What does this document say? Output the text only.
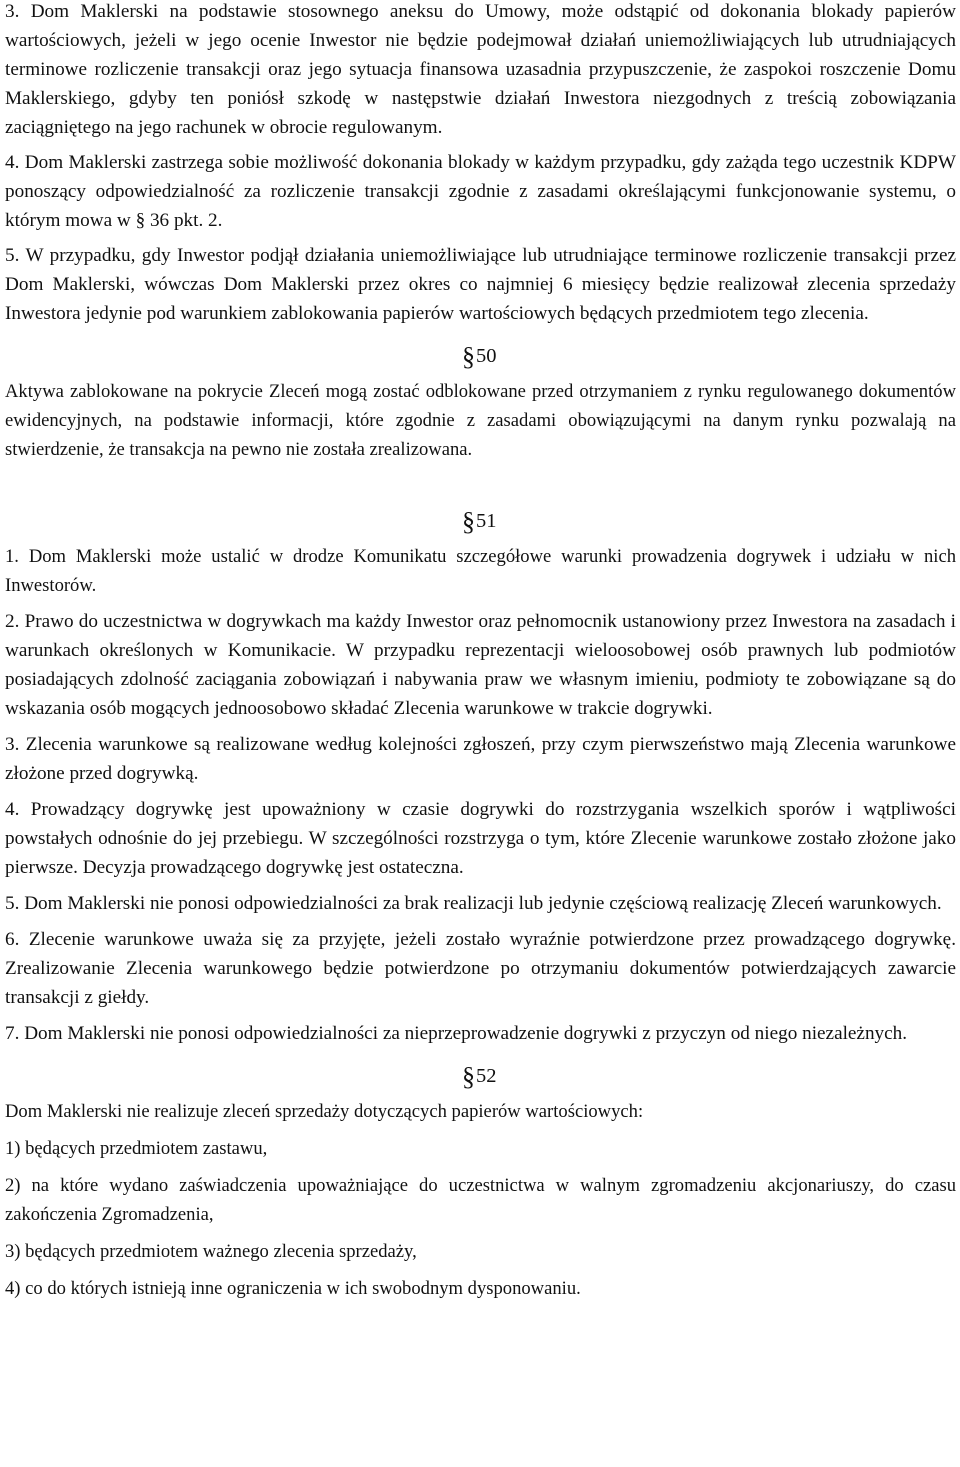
3. Dom Maklerski na podstawie stosownego aneksu do Umowy, może odstąpić od dokonania blokady papierów wartościowych, jeżeli w jego ocenie Inwestor nie będzie podejmował działań uniemożliwiających lub utrudniających terminowe rozliczenie transakcji oraz jego sytuacja finansowa uzasadnia przypuszczenie, że zaspokoi roszczenie Domu Maklerskiego, gdyby ten poniósł szkodę w następstwie działań Inwestora niezgodnych z treścią zobowiązania zaciągniętego na jego rachunek w obrocie regulowanym.

4. Dom Maklerski zastrzega sobie możliwość dokonania blokady w każdym przypadku, gdy zażąda tego uczestnik KDPW ponoszący odpowiedzialność za rozliczenie transakcji zgodnie z zasadami określającymi funkcjonowanie systemu, o którym mowa w § 36 pkt. 2.

5. W przypadku, gdy Inwestor podjął działania uniemożliwiające lub utrudniające terminowe rozliczenie transakcji przez Dom Maklerski, wówczas Dom Maklerski przez okres co najmniej 6 miesięcy będzie realizował zlecenia sprzedaży Inwestora jedynie pod warunkiem zablokowania papierów wartościowych będących przedmiotem tego zlecenia.

§50

Aktywa zablokowane na pokrycie Zleceń mogą zostać odblokowane przed otrzymaniem z rynku regulowanego dokumentów ewidencyjnych, na podstawie informacji, które zgodnie z zasadami obowiązującymi na danym rynku pozwalają na stwierdzenie, że transakcja na pewno nie została zrealizowana.

§51

1. Dom Maklerski może ustalić w drodze Komunikatu szczegółowe warunki prowadzenia dogrywek i udziału w nich Inwestorów.

2. Prawo do uczestnictwa w dogrywkach ma każdy Inwestor oraz pełnomocnik ustanowiony przez Inwestora na zasadach i warunkach określonych w Komunikacie. W przypadku reprezentacji wieloosobowej osób prawnych lub podmiotów posiadających zdolność zaciągania zobowiązań i nabywania praw we własnym imieniu, podmioty te zobowiązane są do wskazania osób mogących jednoosobowo składać Zlecenia warunkowe w trakcie dogrywki.

3. Zlecenia warunkowe są realizowane według kolejności zgłoszeń, przy czym pierwszeństwo mają Zlecenia warunkowe złożone przed dogrywką.

4. Prowadzący dogrywkę jest upoważniony w czasie dogrywki do rozstrzygania wszelkich sporów i wątpliwości powstałych odnośnie do jej przebiegu. W szczególności rozstrzyga o tym, które Zlecenie warunkowe zostało złożone jako pierwsze. Decyzja prowadzącego dogrywkę jest ostateczna.

5. Dom Maklerski nie ponosi odpowiedzialności za brak realizacji lub jedynie częściową realizację Zleceń warunkowych.

6. Zlecenie warunkowe uważa się za przyjęte, jeżeli zostało wyraźnie potwierdzone przez prowadzącego dogrywkę. Zrealizowanie Zlecenia warunkowego będzie potwierdzone po otrzymaniu dokumentów potwierdzających zawarcie transakcji z giełdy.

7. Dom Maklerski nie ponosi odpowiedzialności za nieprzeprowadzenie dogrywki z przyczyn od niego niezależnych.

§52

Dom Maklerski nie realizuje zleceń sprzedaży dotyczących papierów wartościowych:

1) będących przedmiotem zastawu,

2) na które wydano zaświadczenia upoważniające do uczestnictwa w walnym zgromadzeniu akcjonariuszy, do czasu zakończenia Zgromadzenia,

3) będących przedmiotem ważnego zlecenia sprzedaży,

4) co do których istnieją inne ograniczenia w ich swobodnym dysponowaniu.
